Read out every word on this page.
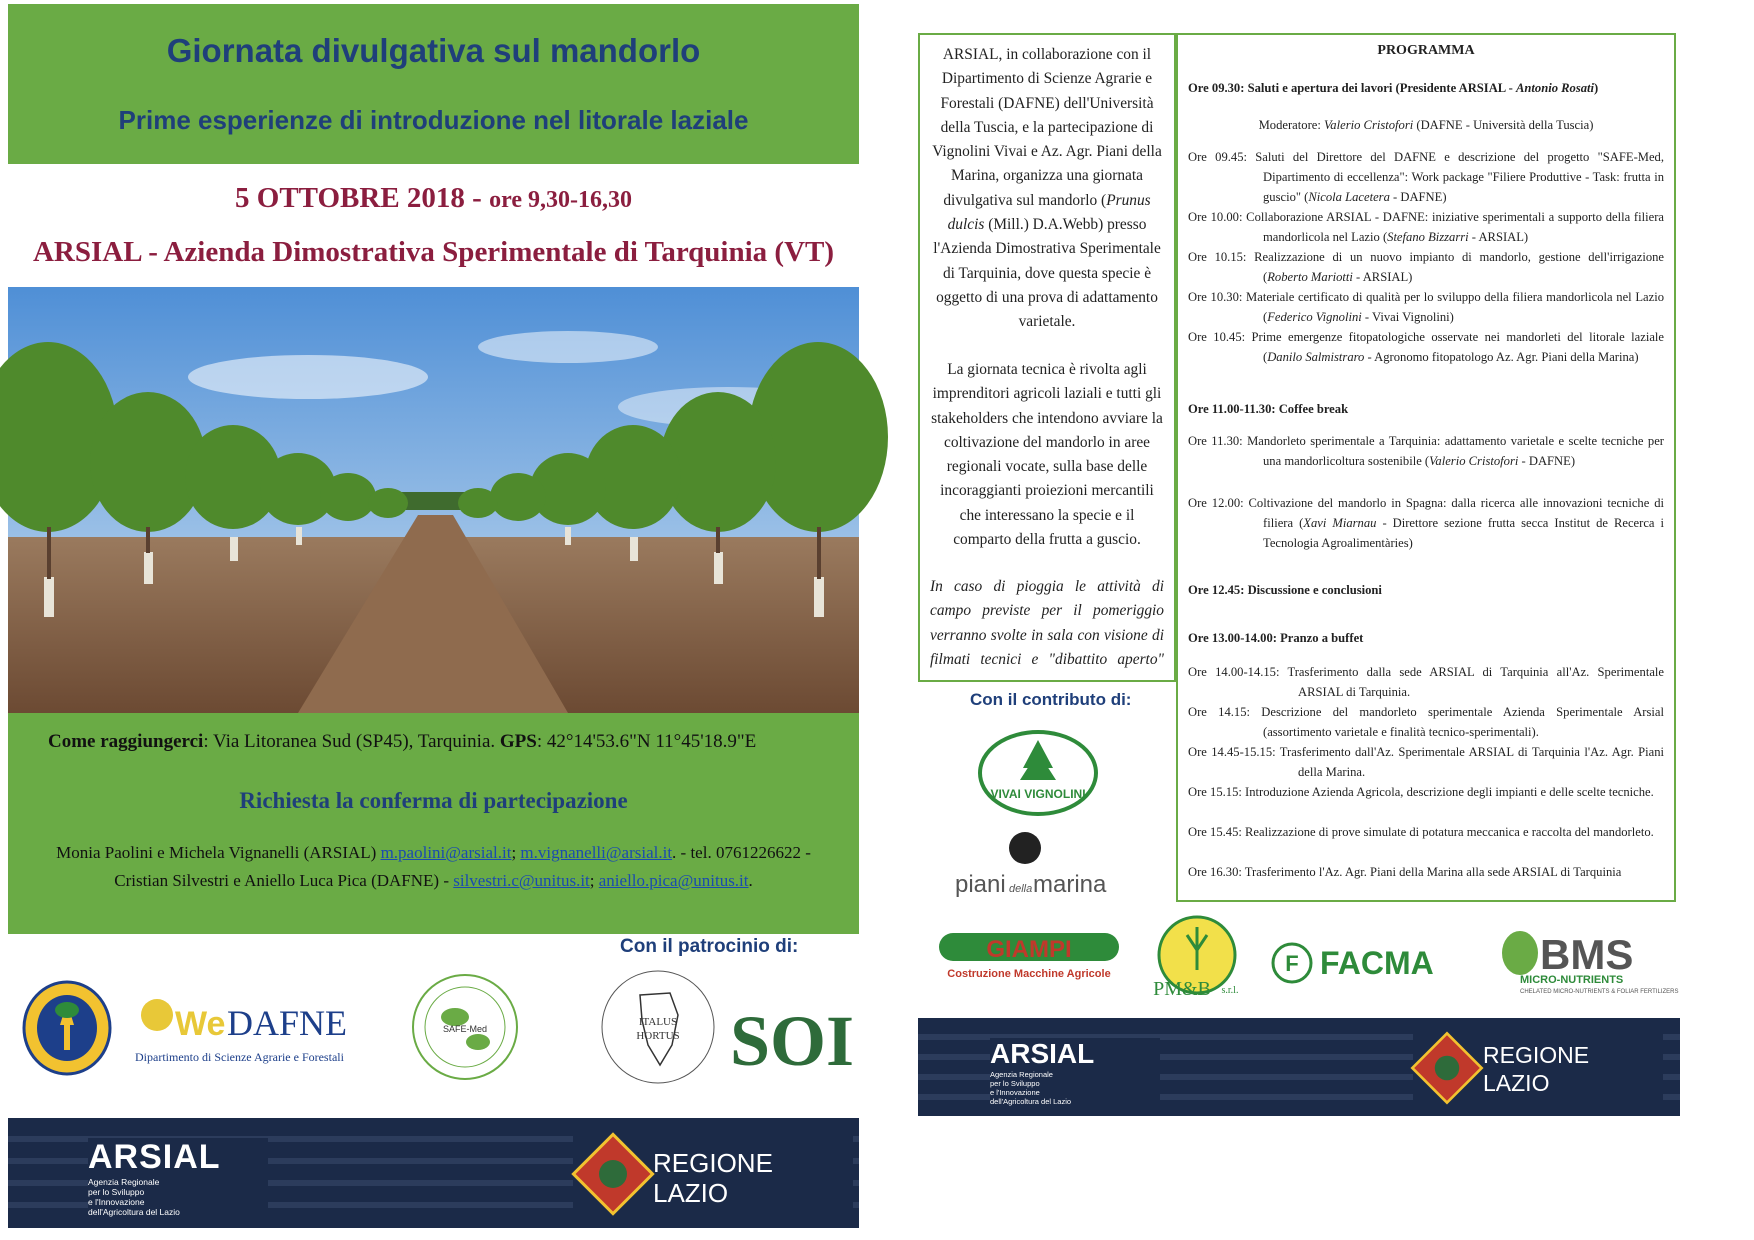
Giornata divulgativa sul mandorlo
Prime esperienze di introduzione nel litorale laziale
5 OTTOBRE 2018 - ore 9,30-16,30
ARSIAL - Azienda Dimostrativa Sperimentale di Tarquinia (VT)
Come raggiungerci: Via Litoranea Sud (SP45), Tarquinia. GPS: 42°14'53.6"N 11°45'18.9"E
Richiesta la conferma di partecipazione
Monia Paolini e Michela Vignanelli (ARSIAL) m.paolini@arsial.it; m.vignanelli@arsial.it. - tel. 0761226622 -
Cristian Silvestri e Aniello Luca Pica (DAFNE) - silvestri.c@unitus.it; aniello.pica@unitus.it.
Con il patrocinio di:
We DAFNE
Dipartimento di Scienze Agrarie e Forestali
SAFE-Med
ITALUS
HORTUS SOI
ARSIAL
Agenzia Regionale
per lo Sviluppo
e l'Innovazione
dell'Agricoltura del Lazio
REGIONE
LAZIO
ARSIAL, in collaborazione con il Dipartimento di Scienze Agrarie e Forestali (DAFNE) dell'Università della Tuscia, e la partecipazione di Vignolini Vivai e Az. Agr. Piani della Marina, organizza una giornata divulgativa sul mandorlo (Prunus dulcis (Mill.) D.A.Webb) presso l'Azienda Dimostrativa Sperimentale di Tarquinia, dove questa specie è oggetto di una prova di adattamento varietale.
La giornata tecnica è rivolta agli imprenditori agricoli laziali e tutti gli stakeholders che intendono avviare la coltivazione del mandorlo in aree regionali vocate, sulla base delle incoraggianti proiezioni mercantili che interessano la specie e il comparto della frutta a guscio.
In caso di pioggia le attività di campo previste per il pomeriggio verranno svolte in sala con visione di filmati tecnici e "dibattito aperto"
Con il contributo di:
VIVAI VIGNOLINI
piani della marina
GIAMPI
Costruzione Macchine Agricole
PM&B s.r.l.
F FACMA	BMS
MICRO-NUTRIENTS
CHELATED MICRO-NUTRIENTS & FOLIAR FERTILIZERS
PROGRAMMA
Ore 09.30: Saluti e apertura dei lavori (Presidente ARSIAL - Antonio Rosati)
Moderatore: Valerio Cristofori (DAFNE - Università della Tuscia)
Ore 09.45: Saluti del Direttore del DAFNE e descrizione del progetto "SAFE-Med, Dipartimento di eccellenza": Work package "Filiere Produttive - Task: frutta in guscio" (Nicola Lacetera - DAFNE)
Ore 10.00: Collaborazione ARSIAL - DAFNE: iniziative sperimentali a supporto della filiera mandorlicola nel Lazio (Stefano Bizzarri - ARSIAL)
Ore 10.15: Realizzazione di un nuovo impianto di mandorlo, gestione dell'irrigazione (Roberto Mariotti - ARSIAL)
Ore 10.30: Materiale certificato di qualità per lo sviluppo della filiera mandorlicola nel Lazio (Federico Vignolini - Vivai Vignolini)
Ore 10.45: Prime emergenze fitopatologiche osservate nei mandorleti del litorale laziale (Danilo Salmistraro - Agronomo fitopatologo Az. Agr. Piani della Marina)
Ore 11.00-11.30: Coffee break
Ore 11.30: Mandorleto sperimentale a Tarquinia: adattamento varietale e scelte tecniche per una mandorlicoltura sostenibile (Valerio Cristofori - DAFNE)
Ore 12.00: Coltivazione del mandorlo in Spagna: dalla ricerca alle innovazioni tecniche di filiera (Xavi Miarnau - Direttore sezione frutta secca Institut de Recerca i Tecnologia Agroalimentàries)
Ore 12.45: Discussione e conclusioni
Ore 13.00-14.00: Pranzo a buffet
Ore 14.00-14.15: Trasferimento dalla sede ARSIAL di Tarquinia all'Az. Sperimentale ARSIAL di Tarquinia.
Ore 14.15: Descrizione del mandorleto sperimentale Azienda Sperimentale Arsial (assortimento varietale e finalità tecnico-sperimentali).
Ore 14.45-15.15: Trasferimento dall'Az. Sperimentale ARSIAL di Tarquinia l'Az. Agr. Piani della Marina.
Ore 15.15: Introduzione Azienda Agricola, descrizione degli impianti e delle scelte tecniche.
Ore 15.45: Realizzazione di prove simulate di potatura meccanica e raccolta del mandorleto.
Ore 16.30: Trasferimento l'Az. Agr. Piani della Marina alla sede ARSIAL di Tarquinia
ARSIAL
Agenzia Regionale
per lo Sviluppo
e l'Innovazione
dell'Agricoltura del Lazio
REGIONE
LAZIO
